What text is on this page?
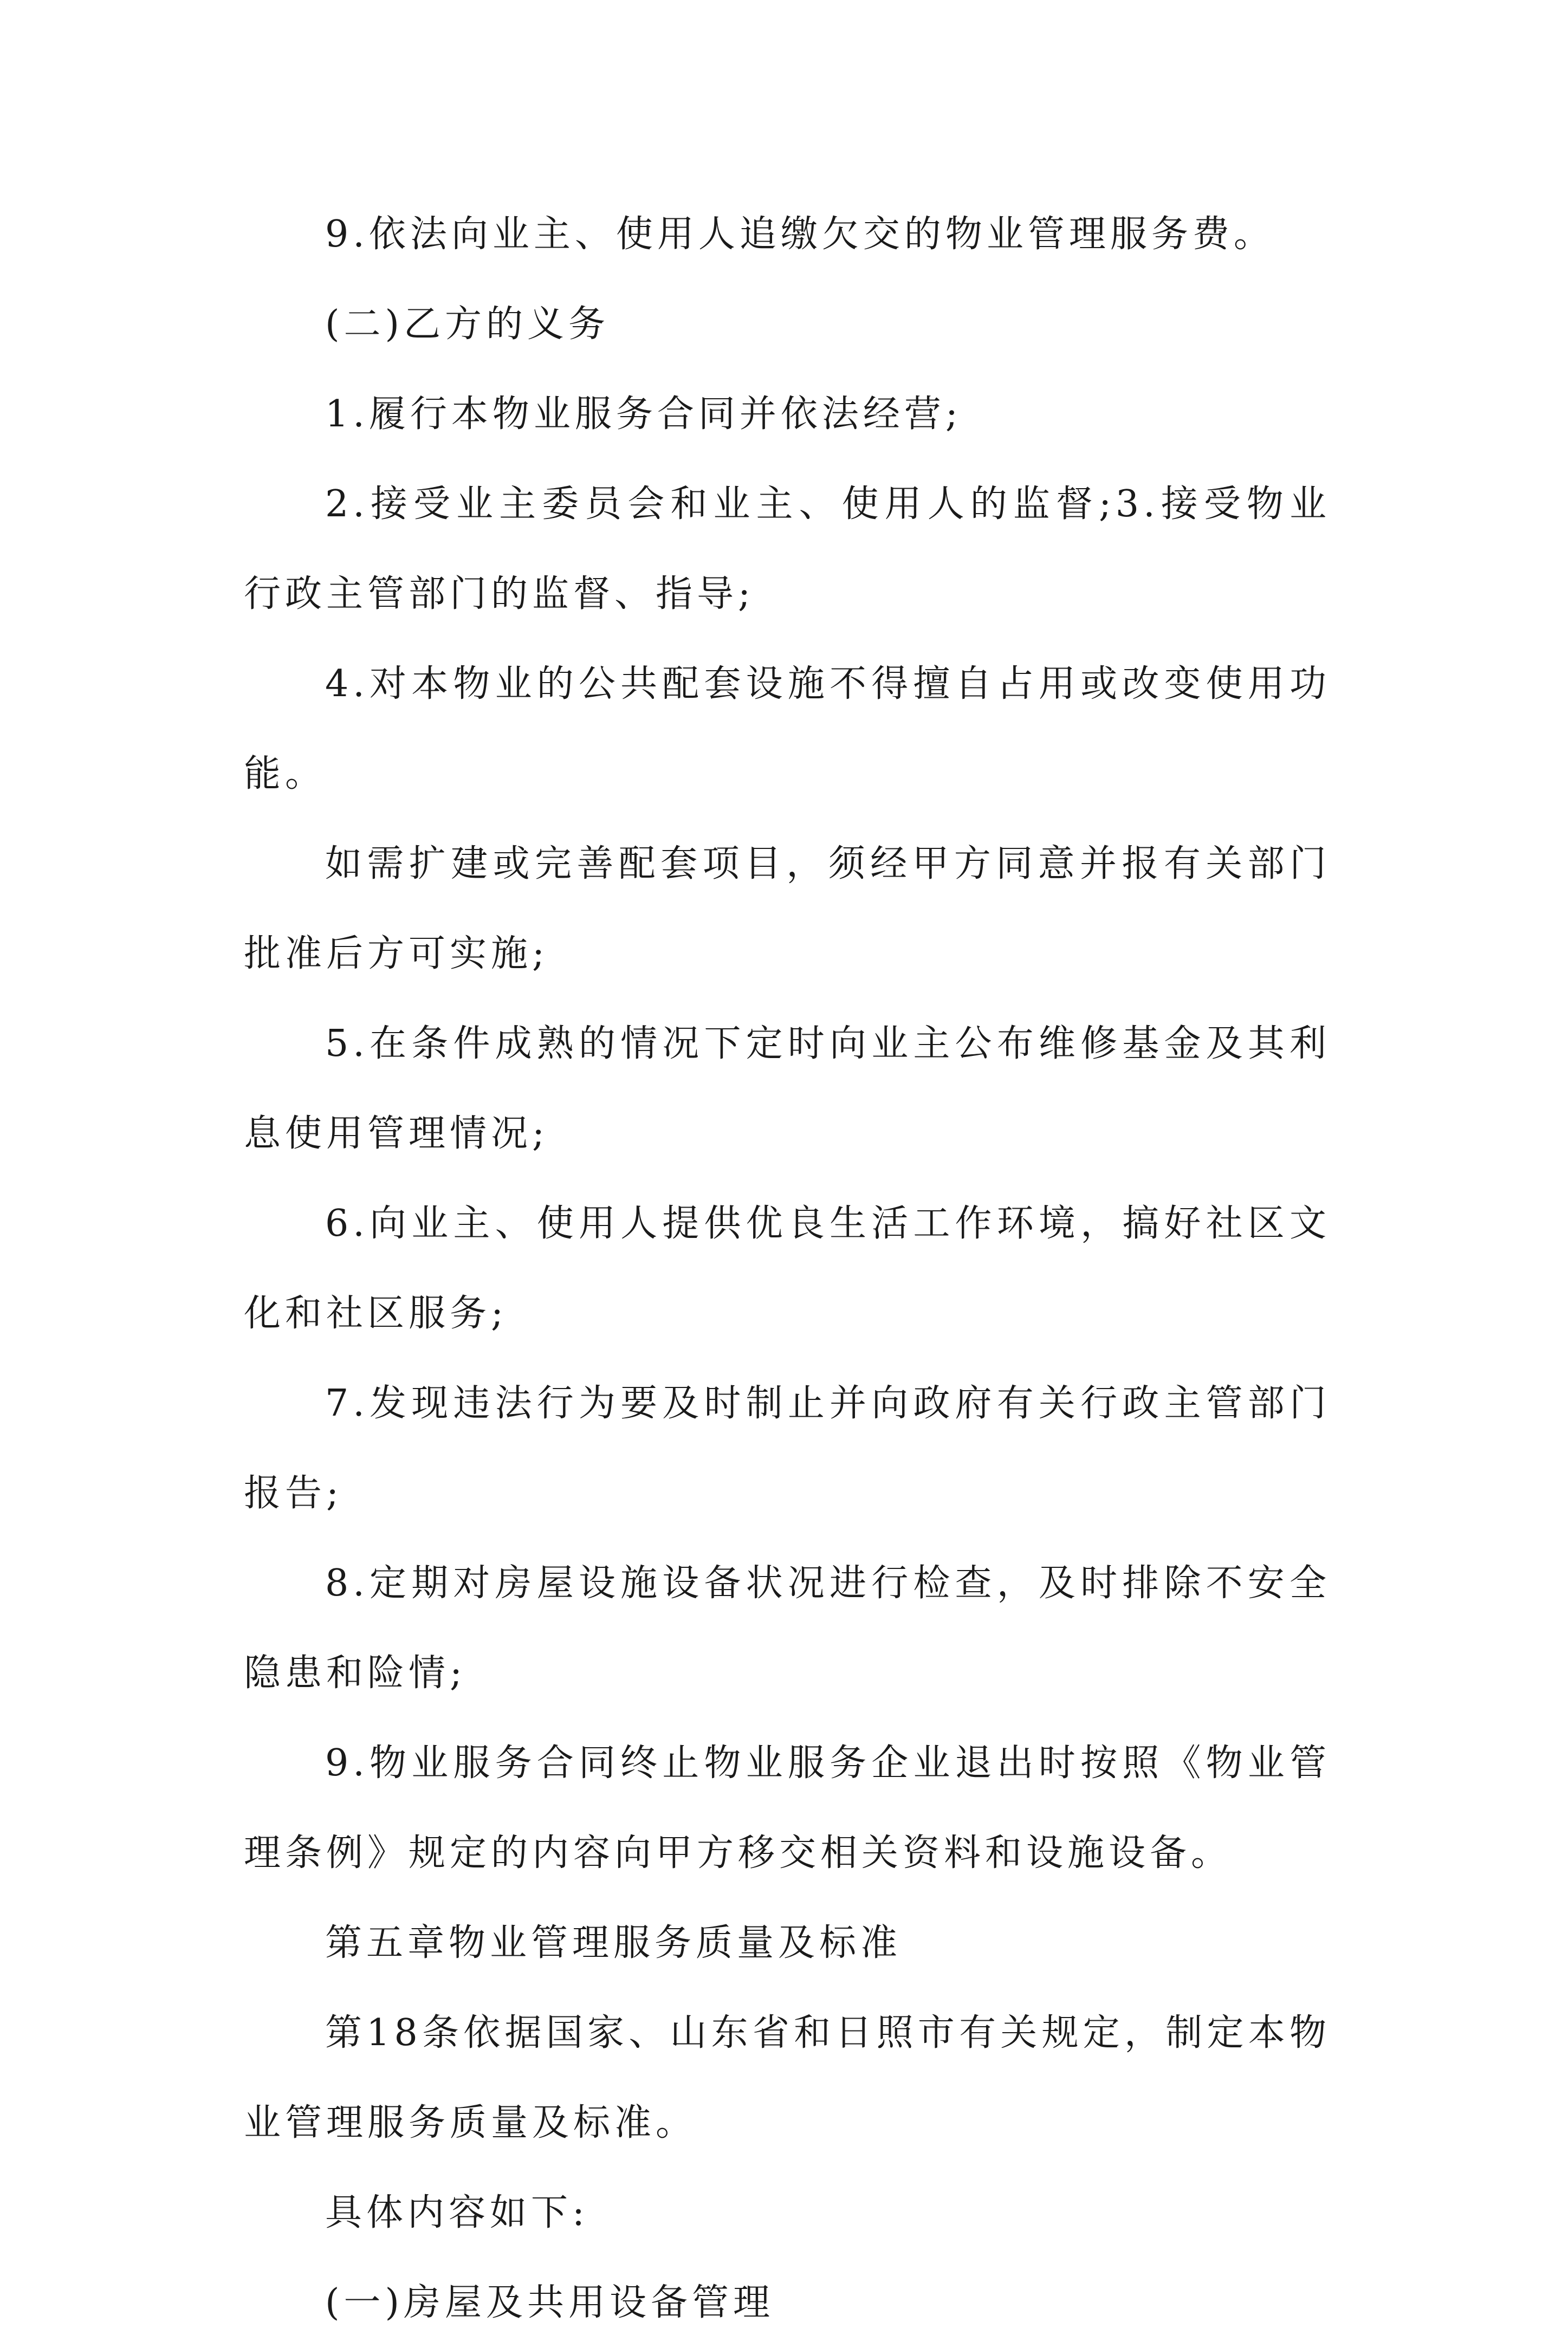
9.依法向业主、使用人追缴欠交的物业管理服务费。

(二)乙方的义务

1.履行本物业服务合同并依法经营;

2.接受业主委员会和业主、使用人的监督;3.接受物业行政主管部门的监督、指导;

4.对本物业的公共配套设施不得擅自占用或改变使用功能。

如需扩建或完善配套项目，须经甲方同意并报有关部门批准后方可实施;

5.在条件成熟的情况下定时向业主公布维修基金及其利息使用管理情况;

6.向业主、使用人提供优良生活工作环境，搞好社区文化和社区服务;

7.发现违法行为要及时制止并向政府有关行政主管部门报告;

8.定期对房屋设施设备状况进行检查，及时排除不安全隐患和险情;

9.物业服务合同终止物业服务企业退出时按照《物业管理条例》规定的内容向甲方移交相关资料和设施设备。

第五章物业管理服务质量及标准

第18条依据国家、山东省和日照市有关规定，制定本物业管理服务质量及标准。

具体内容如下:

(一)房屋及共用设备管理
